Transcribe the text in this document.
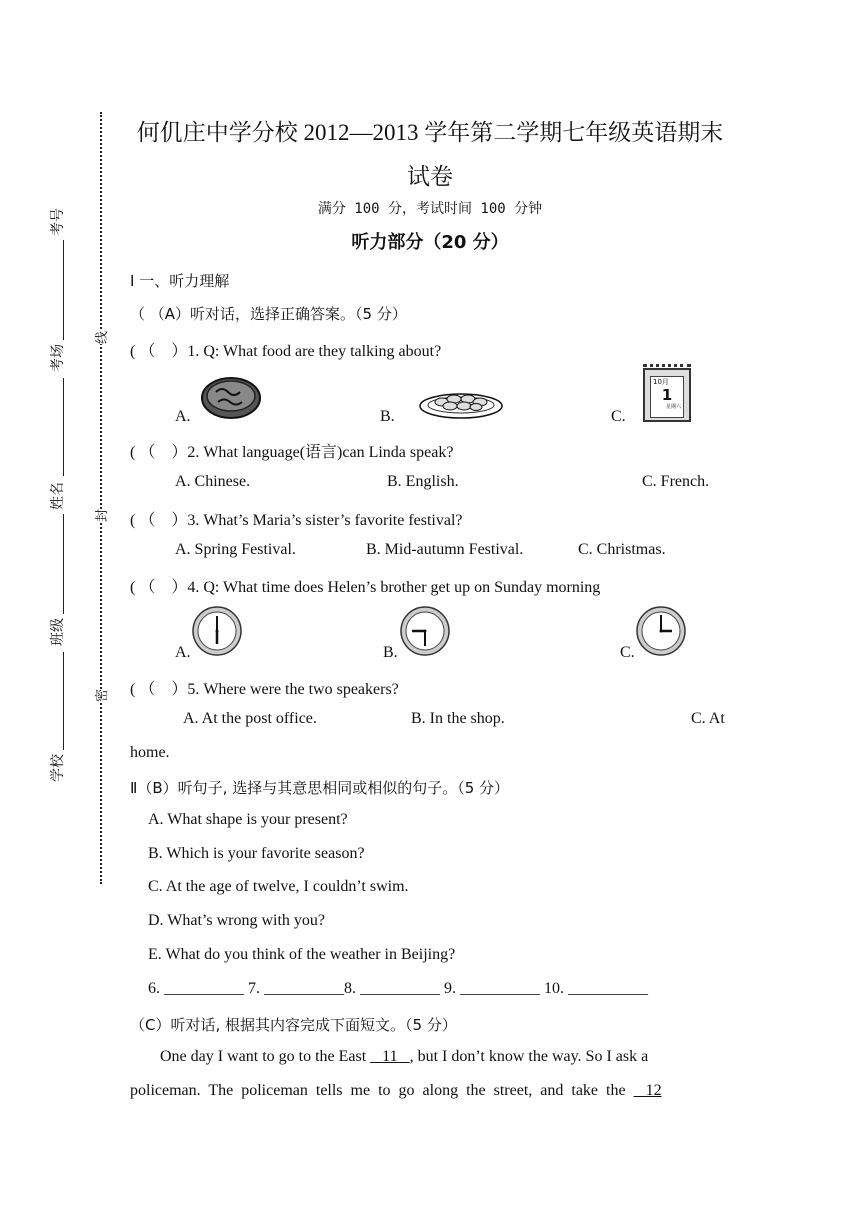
考号
考场
姓名
班级
学校
线
封
密
何仉庄中学分校 2012—2013 学年第二学期七年级英语期末
试卷
满分 100 分，考试时间 100 分钟
听力部分（20 分）
Ⅰ 一、听力理解
（ （A）听对话，选择正确答案。（5 分）
( （　）1. Q: What food are they talking about?
A.	B.	C.
10月
1
星期六
( （　）2. What language(语言)can Linda speak?
A. Chinese.	B. English.	C. French.
( （　）3. What’s Maria’s sister’s favorite festival?
A. Spring Festival.	B. Mid-autumn Festival.	C. Christmas.
( （　）4. Q: What time does Helen’s brother get up on Sunday morning
A.	B.	C.
( （　）5. Where were the two speakers?
A. At the post office.	B. In the shop.	C. At
home.
Ⅱ（B）听句子, 选择与其意思相同或相似的句子。（5 分）
A. What shape is your present?
B. Which is your favorite season?
C. At the age of twelve, I couldn’t swim.
D. What’s wrong with you?
E. What do you think of the weather in Beijing?
6. __________ 7. __________8. __________ 9. __________ 10. __________
（C）听对话, 根据其内容完成下面短文。（5 分）
One day I want to go to the East    11   , but I don’t know the way. So I ask a
policeman.  The  policeman  tells  me  to  go  along  the  street,  and  take  the     12
